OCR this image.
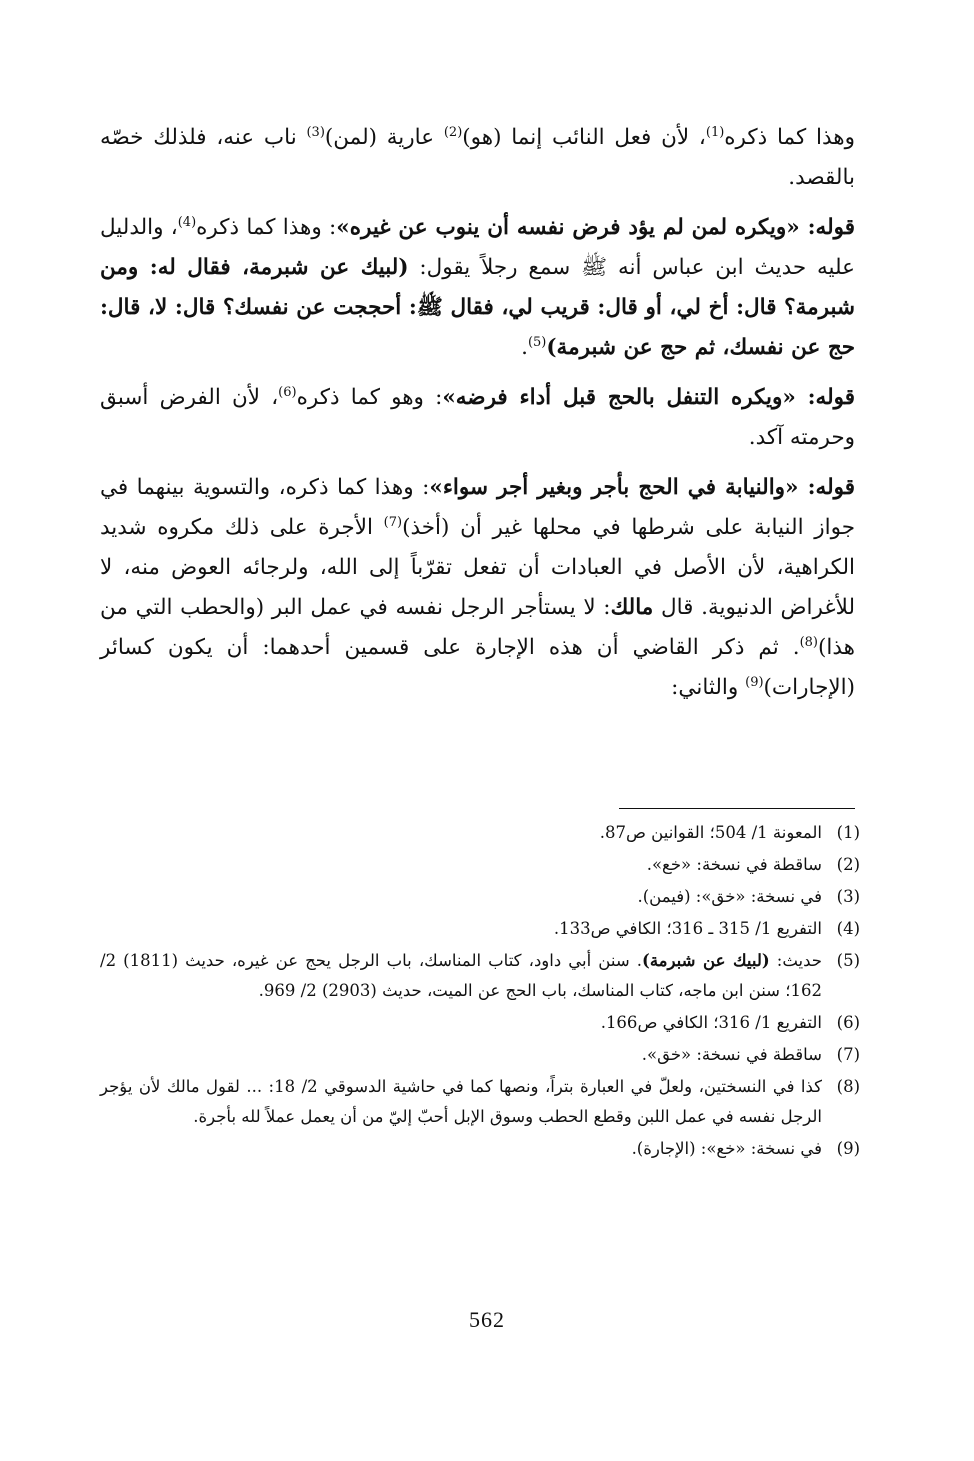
وهذا كما ذكره$^{(1)}$، لأن فعل النائب إنما (هو)$^{(2)}$ عارية (لمن)$^{(3)}$ ناب عنه، فلذلك خصّه بالقصد.

قوله: «ويكره لمن لم يؤد فرض نفسه أن ينوب عن غيره»: وهذا كما ذكره$^{(4)}$، والدليل عليه حديث ابن عباس أنه ﷺ سمع رجلاً يقول: (لبيك عن شبرمة، فقال له: ومن شبرمة؟ قال: أخ لي، أو قال: قريب لي، فقال ﷺ: أحججت عن نفسك؟ قال: لا، قال: حج عن نفسك، ثم حج عن شبرمة)$^{(5)}$.

قوله: «ويكره التنفل بالحج قبل أداء فرضه»: وهو كما ذكره$^{(6)}$، لأن الفرض أسبق وحرمته آكد.

قوله: «والنيابة في الحج بأجر وبغير أجر سواء»: وهذا كما ذكره، والتسوية بينهما في جواز النيابة على شرطها في محلها غير أن (أخذ)$^{(7)}$ الأجرة على ذلك مكروه شديد الكراهية، لأن الأصل في العبادات أن تفعل تقرّباً إلى الله، ولرجائه العوض منه، لا للأغراض الدنيوية. قال مالك: لا يستأجر الرجل نفسه في عمل البر (والحطب التي من هذا)$^{(8)}$. ثم ذكر القاضي أن هذه الإجارة على قسمين أحدهما: أن يكون كسائر (الإجارات)$^{(9)}$ والثاني:

(1)
المعونة 1/ 504؛ القوانين ص87.
(2)
ساقطة في نسخة: «خع».
(3)
في نسخة: «خق»: (فيمن).
(4)
التفريع 1/ 315 ـ 316؛ الكافي ص133.
(5)
حديث: (لبيك عن شبرمة). سنن أبي داود، كتاب المناسك، باب الرجل يحج عن غيره، حديث (1811) 2/ 162؛ سنن ابن ماجه، كتاب المناسك، باب الحج عن الميت، حديث (2903) 2/ 969.
(6)
التفريع 1/ 316؛ الكافي ص166.
(7)
ساقطة في نسخة: «خق».
(8)
كذا في النسختين، ولعلّ في العبارة بتراً، ونصها كما في حاشية الدسوقي 2/ 18: ... لقول مالك لأن يؤجر الرجل نفسه في عمل اللبن وقطع الحطب وسوق الإبل أحبّ إليّ من أن يعمل عملاً لله بأجرة.
(9)
في نسخة: «خع»: (الإجارة).
562
